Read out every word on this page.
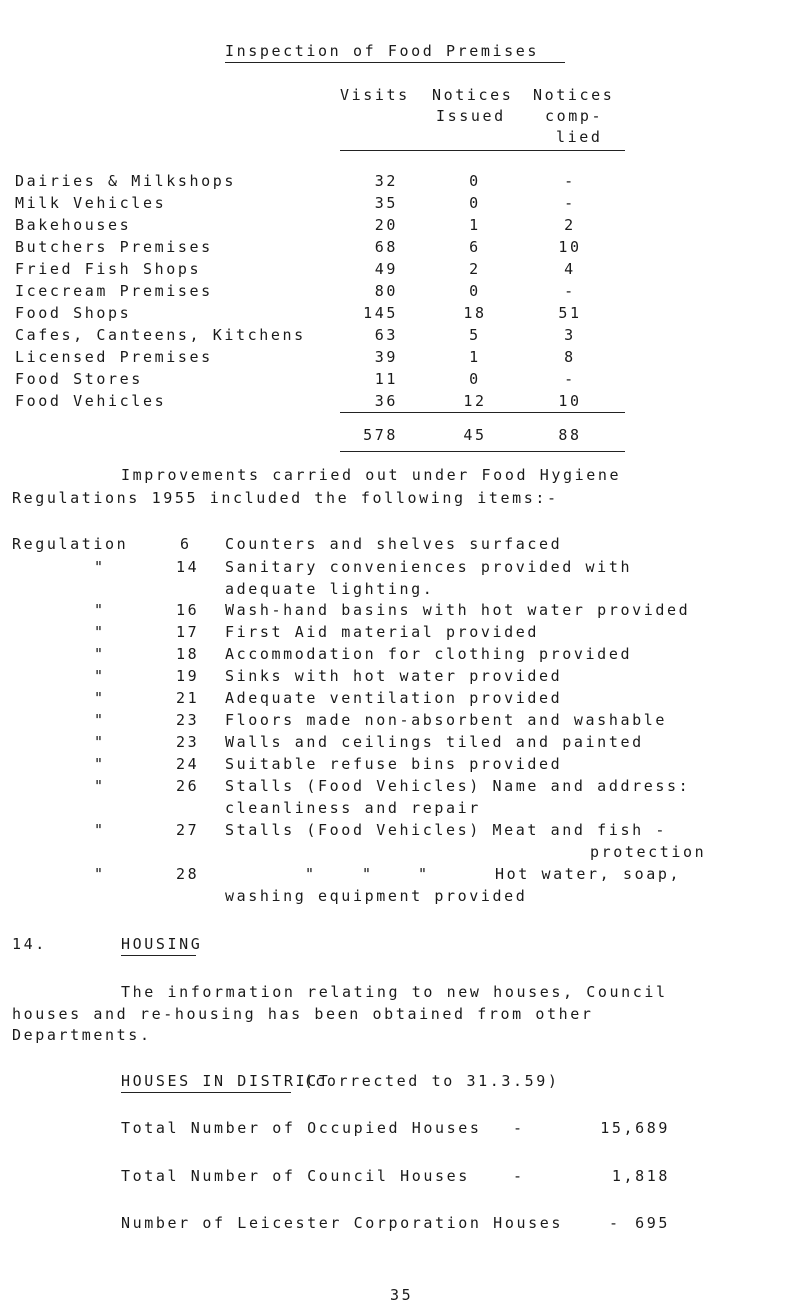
Inspection of Food Premises
Visits Notices
Issued
Notices
comp-
lied
Dairies & Milkshops	32	0	-
Milk Vehicles	35	0	-
Bakehouses	20	1	2
Butchers Premises	68	6	10
Fried Fish Shops	49	2	4
Icecream Premises	80	0	-
Food Shops	145	18	51
Cafes, Canteens, Kitchens	63	5	3
Licensed Premises	39	1	8
Food Stores	11	0	-
Food Vehicles	36	12	10
578	45	88
Improvements carried out under Food Hygiene
Regulations 1955 included the following items:-
Regulation	6 Counters and shelves surfaced
"	14 Sanitary conveniences provided with
adequate lighting.
"	16 Wash-hand basins with hot water provided
"	17 First Aid material provided
"	18 Accommodation for clothing provided
"	19 Sinks with hot water provided
"	21 Adequate ventilation provided
"	23 Floors made non-absorbent and washable
"	23 Walls and ceilings tiled and painted
"	24 Suitable refuse bins provided
"	26 Stalls (Food Vehicles) Name and address:
cleanliness and repair
"	27 Stalls (Food Vehicles) Meat and fish -
protection
"	28	"	"	"	Hot water, soap,
washing equipment provided
14.	HOUSING
The information relating to new houses, Council
houses and re-housing has been obtained from other
Departments.
HOUSES IN DISTRICT
(corrected to 31.3.59)
Total Number of Occupied Houses -	15,689
Total Number of Council Houses	-	1,818
Number of Leicester Corporation Houses	- 695
35
